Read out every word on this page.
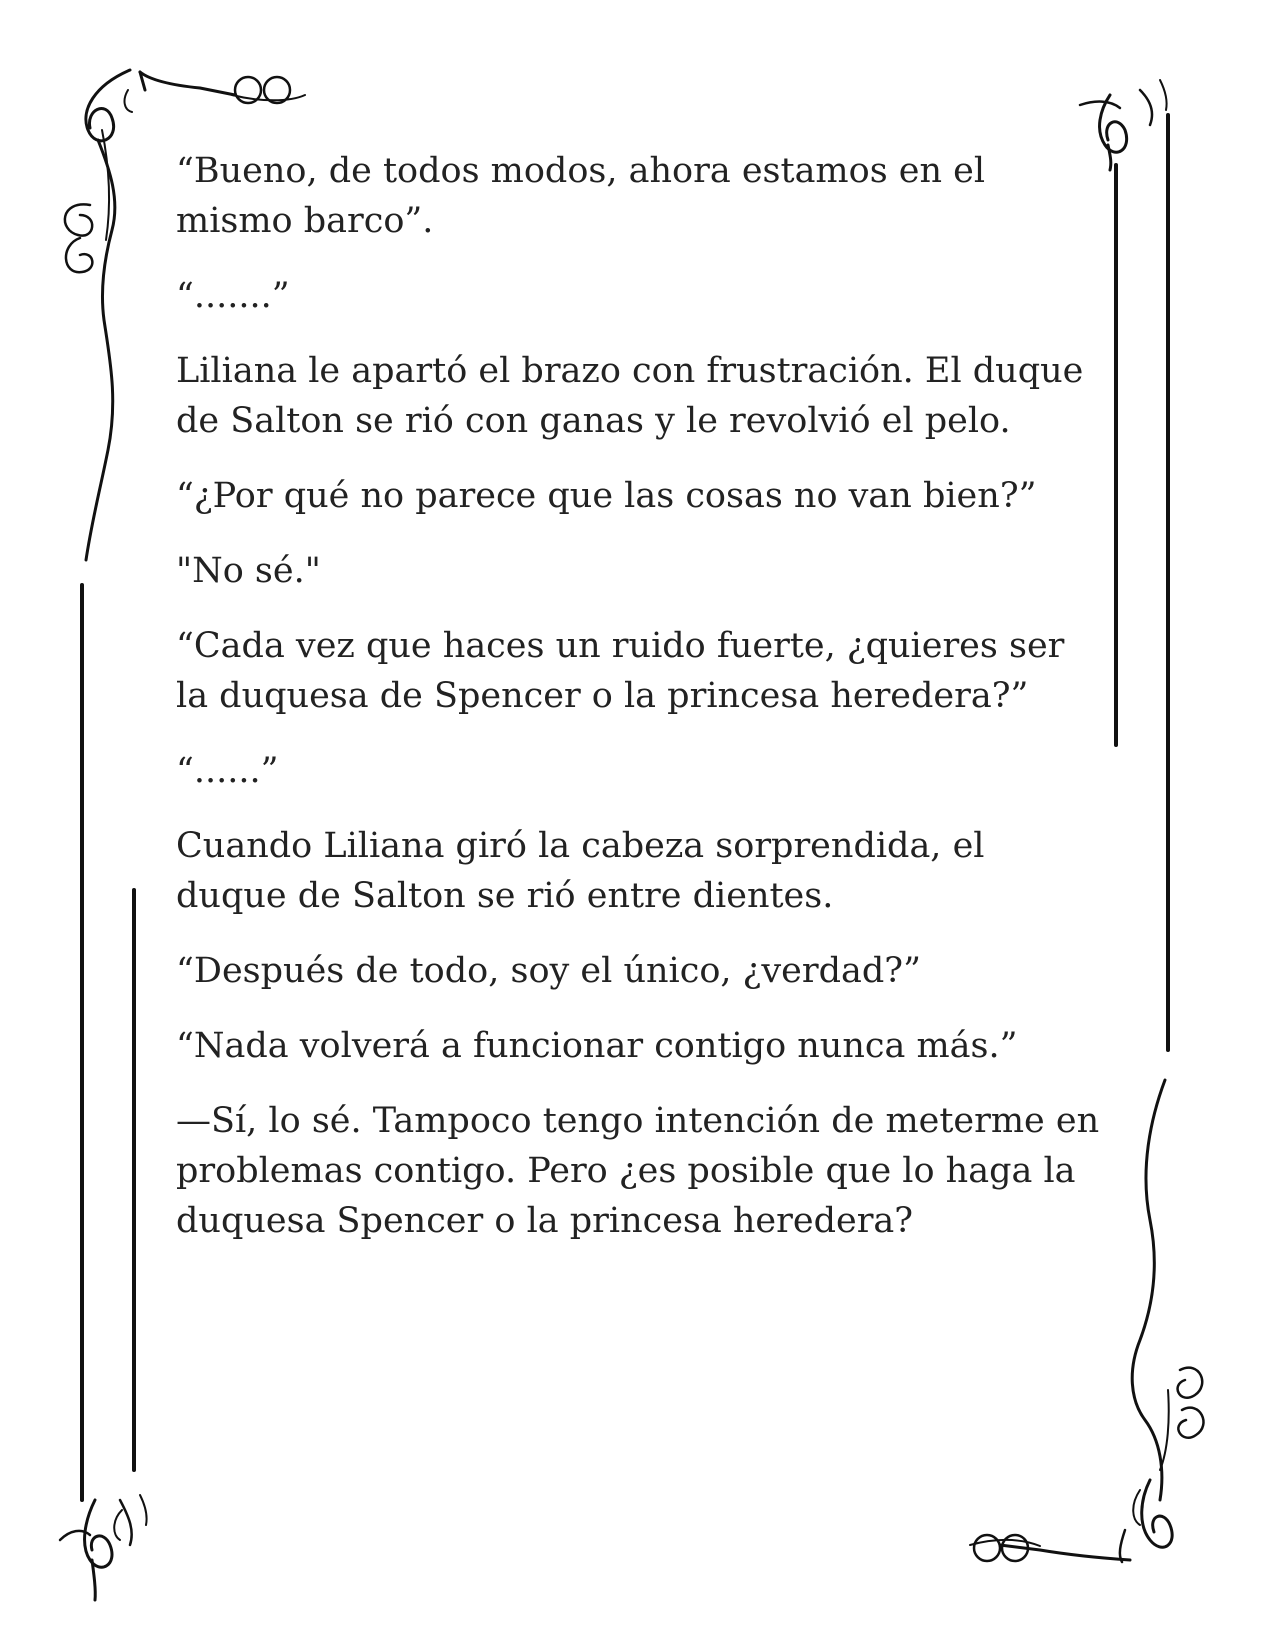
“Bueno, de todos modos, ahora estamos en el mismo barco”.

“.......”

Liliana le apartó el brazo con frustración. El duque de Salton se rió con ganas y le revolvió el pelo.

“¿Por qué no parece que las cosas no van bien?”

"No sé."

“Cada vez que haces un ruido fuerte, ¿quieres ser la duquesa de Spencer o la princesa heredera?”

“......”

Cuando Liliana giró la cabeza sorprendida, el duque de Salton se rió entre dientes.

“Después de todo, soy el único, ¿verdad?”

“Nada volverá a funcionar contigo nunca más.”

—Sí, lo sé. Tampoco tengo intención de meterme en problemas contigo. Pero ¿es posible que lo haga la duquesa Spencer o la princesa heredera?
